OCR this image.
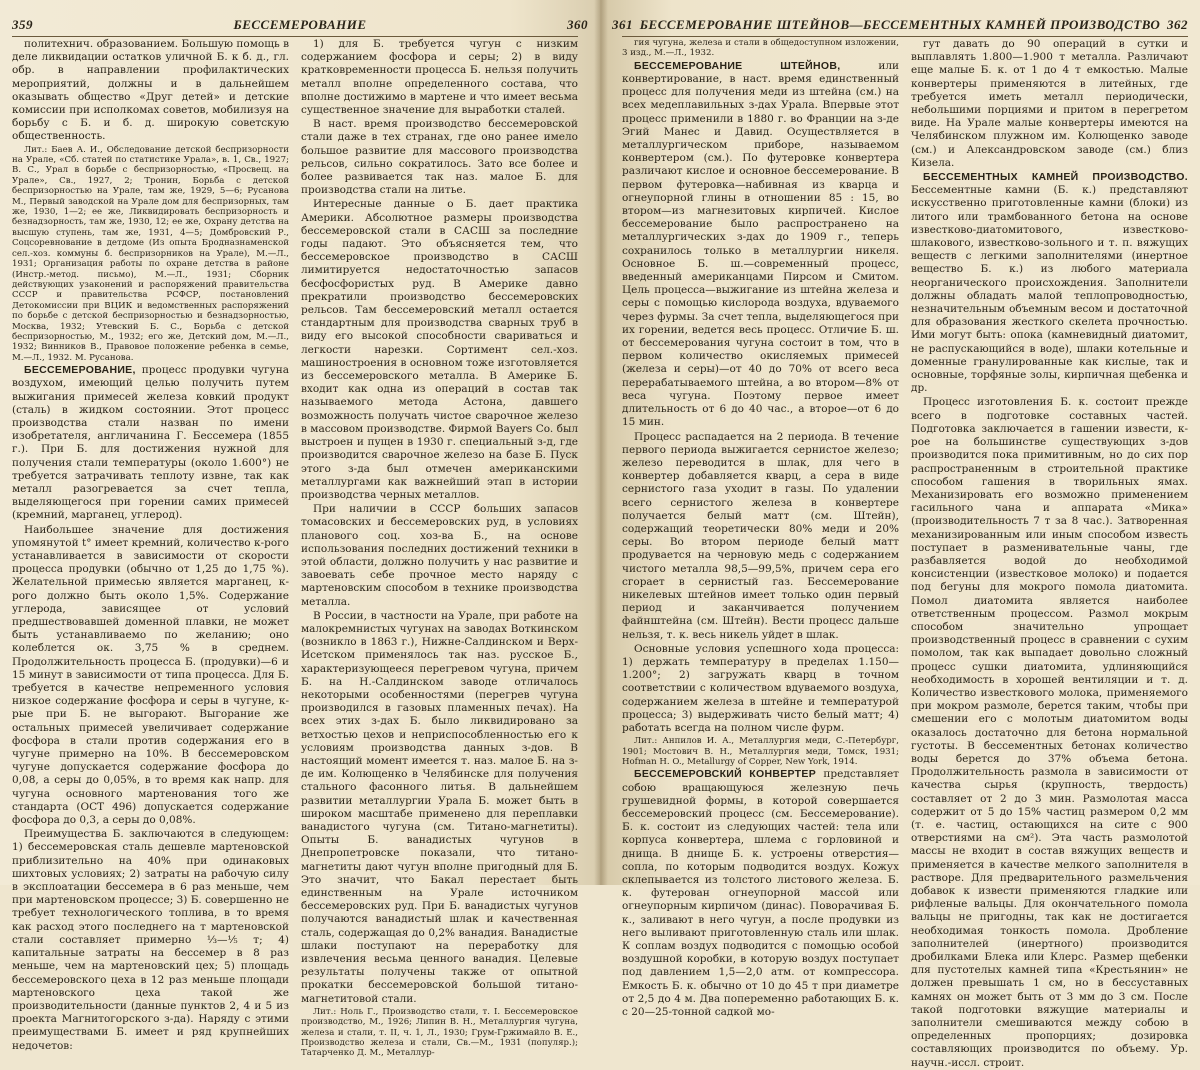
359	БЕССЕМЕРОВАНИЕ	360

политехнич. образованием. Большую помощь в деле ликвидации остатков уличной Б. к б. д., гл. обр. в направлении профилактических мероприятий, должны и в дальнейшем оказывать общество «Друг детей» и детские комиссии при исполкомах советов, мобилизуя на борьбу с Б. и б. д. широкую советскую общественность.

Лит.: Баев А. И., Обследование детской беспризорности на Урале, «Сб. статей по статистике Урала», в. 1, Св., 1927; В. С., Урал в борьбе с беспризорностью, «Просвещ. на Урале», Св., 1927, 2; Тронин, Борьба с детской беспризорностью на Урале, там же, 1929, 5—6; Русанова М., Первый заводской на Урале дом для беспризорных, там же, 1930, 1—2; ее же, Ликвидировать беспризорность и безнадзорность, там же, 1930, 12; ее же, Охрану детства на высшую ступень, там же, 1931, 4—5; Домбровский Р., Соцсоревнование в детдоме (Из опыта Бродназнаменской сел.-хоз. коммуны б. беспризорников на Урале), М.—Л., 1931; Организация работы по охране детства в районе (Инстр.-метод. письмо), М.—Л., 1931; Сборник действующих узаконений и распоряжений правительства СССР и правительства РСФСР, постановлений Детокомиссии при ВЦИК и ведомственных распоряжений по борьбе с детской беспризорностью и безнадзорностью, Москва, 1932; Утевский Б. С., Борьба с детской беспризорностью, М., 1932; его же, Детский дом, М.—Л., 1932; Винников В., Правовое положение ребенка в семье, М.—Л., 1932. М. Русанова.

БЕССЕМЕРОВАНИЕ, процесс продувки чугуна воздухом, имеющий целью получить путем выжигания примесей железа ковкий продукт (сталь) в жидком состоянии. Этот процесс производства стали назван по имени изобретателя, англичанина Г. Бессемера (1855 г.). При Б. для достижения нужной для получения стали температуры (около 1.600°) не требуется затрачивать теплоту извне, так как металл разогревается за счет тепла, выделяющегося при горении самих примесей (кремний, марганец, углерод).

Наибольшее значение для достижения упомянутой t° имеет кремний, количество к-рого устанавливается в зависимости от скорости процесса продувки (обычно от 1,25 до 1,75 %). Желательной примесью является марганец, к-рого должно быть около 1,5%. Содержание углерода, зависящее от условий предшествовавшей доменной плавки, не может быть устанавливаемо по желанию; оно колеблется ок. 3,75 % в среднем. Продолжительность процесса Б. (продувки)—6 и 15 минут в зависимости от типа процесса. Для Б. требуется в качестве непременного условия низкое содержание фосфора и серы в чугуне, к-рые при Б. не выгорают. Выгорание же остальных примесей увеличивает содержание фосфора в стали против содержания его в чугуне примерно на 10%. В бессемеровском чугуне допускается содержание фосфора до 0,08, а серы до 0,05%, в то время как напр. для чугуна основного мартенования того же стандарта (ОСТ 496) допускается содержание фосфора до 0,3, а серы до 0,08%.

Преимущества Б. заключаются в следующем: 1) бессемеровская сталь дешевле мартеновской приблизительно на 40% при одинаковых шихтовых условиях; 2) затраты на рабочую силу в эксплоатации бессемера в 6 раз меньше, чем при мартеновском процессе; 3) Б. совершенно не требует технологического топлива, в то время как расход этого последнего на т мартеновской стали составляет примерно ⅓—⅕ т; 4) капитальные затраты на бессемер в 8 раз меньше, чем на мартеновский цех; 5) площадь бессемеровского цеха в 12 раз меньше площади мартеновского цеха такой же производительности (данные пунктов 2, 4 и 5 из проекта Магнитогорского з-да). Наряду с этими преимуществами Б. имеет и ряд крупнейших недочетов:

1) для Б. требуется чугун с низким содержанием фосфора и серы; 2) в виду кратковременности процесса Б. нельзя получить металл вполне определенного состава, что вполне достижимо в мартене и что имеет весьма существенное значение для выработки сталей.

В наст. время производство бессемеровской стали даже в тех странах, где оно ранее имело большое развитие для массового производства рельсов, сильно сократилось. Зато все более и более развивается так наз. малое Б. для производства стали на литье.

Интересные данные о Б. дает практика Америки. Абсолютное размеры производства бессемеровской стали в САСШ за последние годы падают. Это объясняется тем, что бессемеровское производство в САСШ лимитируется недостаточностью запасов бесфосфористых руд. В Америке давно прекратили производство бессемеровских рельсов. Там бессемеровский металл остается стандартным для производства сварных труб в виду его высокой способности свариваться и легкости нарезки. Сортимент сел.-хоз. машиностроения в основном тоже изготовляется из бессемеровского металла. В Америке Б. входит как одна из операций в состав так называемого метода Астона, давшего возможность получать чистое сварочное железо в массовом производстве. Фирмой Bayers Co. был выстроен и пущен в 1930 г. специальный з-д, где производится сварочное железо на базе Б. Пуск этого з-да был отмечен американскими металлургами как важнейший этап в истории производства черных металлов.

При наличии в СССР больших запасов томасовских и бессемеровских руд, в условиях планового соц. хоз-ва Б., на основе использования последних достижений техники в этой области, должно получить у нас развитие и завоевать себе прочное место наряду с мартеновским способом в технике производства металла.

В России, в частности на Урале, при работе на малокремнистых чугунах на заводах Воткинском (возникло в 1863 г.), Нижне-Салдинском и Верх-Исетском применялось так наз. русское Б., характеризующееся перегревом чугуна, причем Б. на Н.-Салдинском заводе отличалось некоторыми особенностями (перегрев чугуна производился в газовых пламенных печах). На всех этих з-дах Б. было ликвидировано за ветхостью цехов и неприспособленностью его к условиям производства данных з-дов. В настоящий момент имеется т. наз. малое Б. на з-де им. Колющенко в Челябинске для получения стального фасонного литья. В дальнейшем развитии металлургии Урала Б. может быть в широком масштабе применено для переплавки ванадистого чугуна (см. Титано-магнетиты). Опыты Б. ванадистых чугунов в Днепропетровске показали, что титано-магнетиты дают чугун вполне пригодный для Б. Это значит, что Бакал перестает быть единственным на Урале источником бессемеровских руд. При Б. ванадистых чугунов получаются ванадистый шлак и качественная сталь, содержащая до 0,2% ванадия. Ванадистые шлаки поступают на переработку для извлечения весьма ценного ванадия. Целевые результаты получены также от опытной прокатки бессемеровской большой титано-магнетитовой стали.

Лит.: Ноль Г., Производство стали, т. I. Бессемеровское производство, М., 1926; Липин В. Н., Металлургия чугуна, железа и стали, т. II, ч. 1, Л., 1930; Грум-Гржимайло В. Е., Производство железа и стали, Св.—М., 1931 (популяр.); Татарченко Д. М., Металлур-

361 БЕССЕМЕРОВАНИЕ ШТЕЙНОВ—БЕССЕМЕНТНЫХ КАМНЕЙ ПРОИЗВОДСТВО 362

гия чугуна, железа и стали в общедоступном изложении, 3 изд., М.—Л., 1932.

БЕССЕМЕРОВАНИЕ ШТЕЙНОВ, или конвертирование, в наст. время единственный процесс для получения меди из штейна (см.) на всех медеплавильных з-дах Урала. Впервые этот процесс применили в 1880 г. во Франции на з-де Эгий Манес и Давид. Осуществляется в металлургическом приборе, называемом конвертером (см.). По футеровке конвертера различают кислое и основное бессемерование. В первом футеровка—набивная из кварца и огнеупорной глины в отношении 85 : 15, во втором—из магнезитовых кирпичей. Кислое бессемерование было распространено на металлургических з-дах до 1909 г., теперь сохранилось только в металлургии никеля. Основное Б. ш.—современный процесс, введенный американцами Пирсом и Смитом. Цель процесса—выжигание из штейна железа и серы с помощью кислорода воздуха, вдуваемого через фурмы. За счет тепла, выделяющегося при их горении, ведется весь процесс. Отличие Б. ш. от бессемерования чугуна состоит в том, что в первом количество окисляемых примесей (железа и серы)—от 40 до 70% от всего веса перерабатываемого штейна, а во втором—8% от веса чугуна. Поэтому первое имеет длительность от 6 до 40 час., а второе—от 6 до 15 мин.

Процесс распадается на 2 периода. В течение первого периода выжигается сернистое железо; железо переводится в шлак, для чего в конвертер добавляется кварц, а сера в виде сернистого газа уходит в газы. По удалении всего сернистого железа в конвертере получается белый матт (см. Штейн), содержащий теоретически 80% меди и 20% серы. Во втором периоде белый матт продувается на черновую медь с содержанием чистого металла 98,5—99,5%, причем сера его сгорает в сернистый газ. Бессемерование никелевых штейнов имеет только один первый период и заканчивается получением файнштейна (см. Штейн). Вести процесс дальше нельзя, т. к. весь никель уйдет в шлак.

Основные условия успешного хода процесса: 1) держать температуру в пределах 1.150—1.200°; 2) загружать кварц в точном соответствии с количеством вдуваемого воздуха, содержанием железа в штейне и температурой процесса; 3) выдерживать чисто белый матт; 4) работать всегда на полном числе фурм.

Лит.: Анпилов И. А., Металлургия меди, С.-Петербург, 1901; Мостович В. Н., Металлургия меди, Томск, 1931; Hofman H. O., Metallurgy of Copper, New York, 1914.

БЕССЕМЕРОВСКИЙ КОНВЕРТЕР представляет собою вращающуюся железную печь грушевидной формы, в которой совершается бессемеровский процесс (см. Бессемерование). Б. к. состоит из следующих частей: тела или корпуса конвертера, шлема с горловиной и днища. В днище Б. к. устроены отверстия—сопла, по которым подводится воздух. Кожух склепывается из толстого листового железа. Б. к. футерован огнеупорной массой или огнеупорным кирпичом (динас). Поворачивая Б. к., заливают в него чугун, а после продувки из него выливают приготовленную сталь или шлак. К соплам воздух подводится с помощью особой воздушной коробки, в которую воздух поступает под давлением 1,5—2,0 атм. от компрессора. Емкость Б. к. обычно от 10 до 45 т при диаметре от 2,5 до 4 м. Два попеременно работающих Б. к. с 20—25-тонной садкой мо-

гут давать до 90 операций в сутки и выплавлять 1.800—1.900 т металла. Различают еще малые Б. к. от 1 до 4 т емкостью. Малые конвертеры применяются в литейных, где требуется иметь металл периодически, небольшими порциями и притом в перегретом виде. На Урале малые конвертеры имеются на Челябинском плужном им. Колющенко заводе (см.) и Александровском заводе (см.) близ Кизела.

БЕССЕМЕНТНЫХ КАМНЕЙ ПРОИЗВОДСТВО. Бессементные камни (Б. к.) представляют искусственно приготовленные камни (блоки) из литого или трамбованного бетона на основе известково-диатомитового, известково-шлакового, известково-зольного и т. п. вяжущих веществ с легкими заполнителями (инертное вещество Б. к.) из любого материала неорганического происхождения. Заполнители должны обладать малой теплопроводностью, незначительным объемным весом и достаточной для образования жесткого скелета прочностью. Ими могут быть: опока (камневидный диатомит, не распускающийся в воде), шлаки котельные и доменные гранулированные как кислые, так и основные, торфяные золы, кирпичная щебенка и др.

Процесс изготовления Б. к. состоит прежде всего в подготовке составных частей. Подготовка заключается в гашении извести, к-рое на большинстве существующих з-дов производится пока примитивным, но до сих пор распространенным в строительной практике способом гашения в творильных ямах. Механизировать его возможно применением гасильного чана и аппарата «Мика» (производительность 7 т за 8 час.). Затворенная механизированным или иным способом известь поступает в разменивательные чаны, где разбавляется водой до необходимой консистенции (известковое молоко) и подается под бегуны для мокрого помола диатомита. Помол диатомита является наиболее ответственным процессом. Размол мокрым способом значительно упрощает производственный процесс в сравнении с сухим помолом, так как выпадает довольно сложный процесс сушки диатомита, удлиняющийся необходимость в хорошей вентиляции и т. д. Количество известкового молока, применяемого при мокром размоле, берется таким, чтобы при смешении его с молотым диатомитом воды оказалось достаточно для бетона нормальной густоты. В бессементных бетонах количество воды берется до 37% объема бетона. Продолжительность размола в зависимости от качества сырья (крупность, твердость) составляет от 2 до 3 мин. Размолотая масса содержит от 5 до 15% частиц размером 0,2 мм (т. е. частиц, остающихся на сите с 900 отверстиями на см²). Эта часть размолотой массы не входит в состав вяжущих веществ и применяется в качестве мелкого заполнителя в растворе. Для предварительного размельчения добавок к извести применяются гладкие или рифленые вальцы. Для окончательного помола вальцы не пригодны, так как не достигается необходимая тонкость помола. Дробление заполнителей (инертного) производится дробилками Блека или Клерс. Размер щебенки для пустотелых камней типа «Крестьянин» не должен превышать 1 см, но в бессуставных камнях он может быть от 3 мм до 3 см. После такой подготовки вяжущие материалы и заполнители смешиваются между собою в определенных пропорциях; дозировка составляющих производится по объему. Ур. научн.-иссл. строит.
